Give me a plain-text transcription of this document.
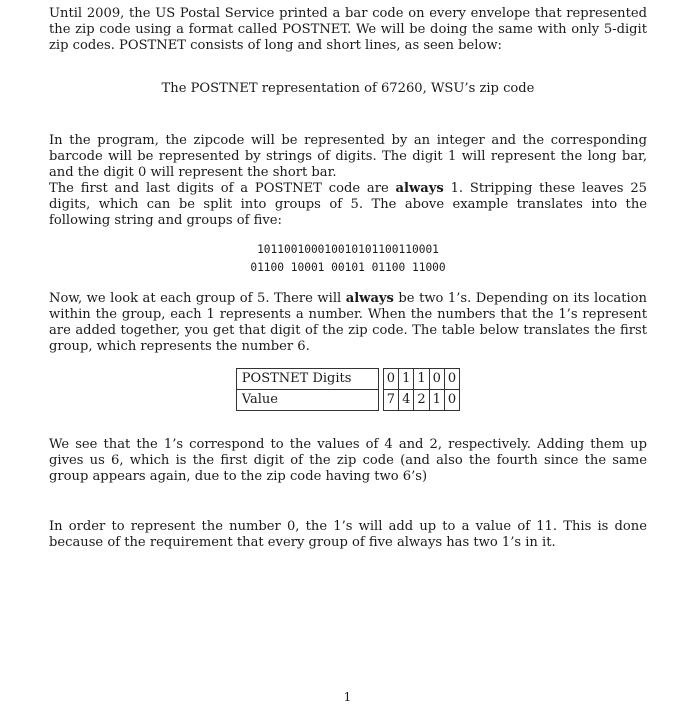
Until 2009, the US Postal Service printed a bar code on every envelope that represented the zip code using a format called POSTNET. We will be doing the same with only 5-digit zip codes. POSTNET consists of long and short lines, as seen below:

The POSTNET representation of 67260, WSU’s zip code

In the program, the zipcode will be represented by an integer and the corresponding barcode will be represented by strings of digits. The digit 1 will represent the long bar, and the digit 0 will represent the short bar.

The first and last digits of a POSTNET code are always 1. Stripping these leaves 25 digits, which can be split into groups of 5. The above example translates into the following string and groups of five:

101100100010010101100110001
01100 10001 00101 01100 11000

Now, we look at each group of 5. There will always be two 1’s. Depending on its location within the group, each 1 represents a number. When the numbers that the 1’s represent are added together, you get that digit of the zip code. The table below translates the first group, which represents the number 6.

POSTNET Digits		0	1	1	0	0
Value		7	4	2	1	0

We see that the 1’s correspond to the values of 4 and 2, respectively. Adding them up gives us 6, which is the first digit of the zip code (and also the fourth since the same group appears again, due to the zip code having two 6’s)

In order to represent the number 0, the 1’s will add up to a value of 11. This is done because of the requirement that every group of five always has two 1’s in it.

1
